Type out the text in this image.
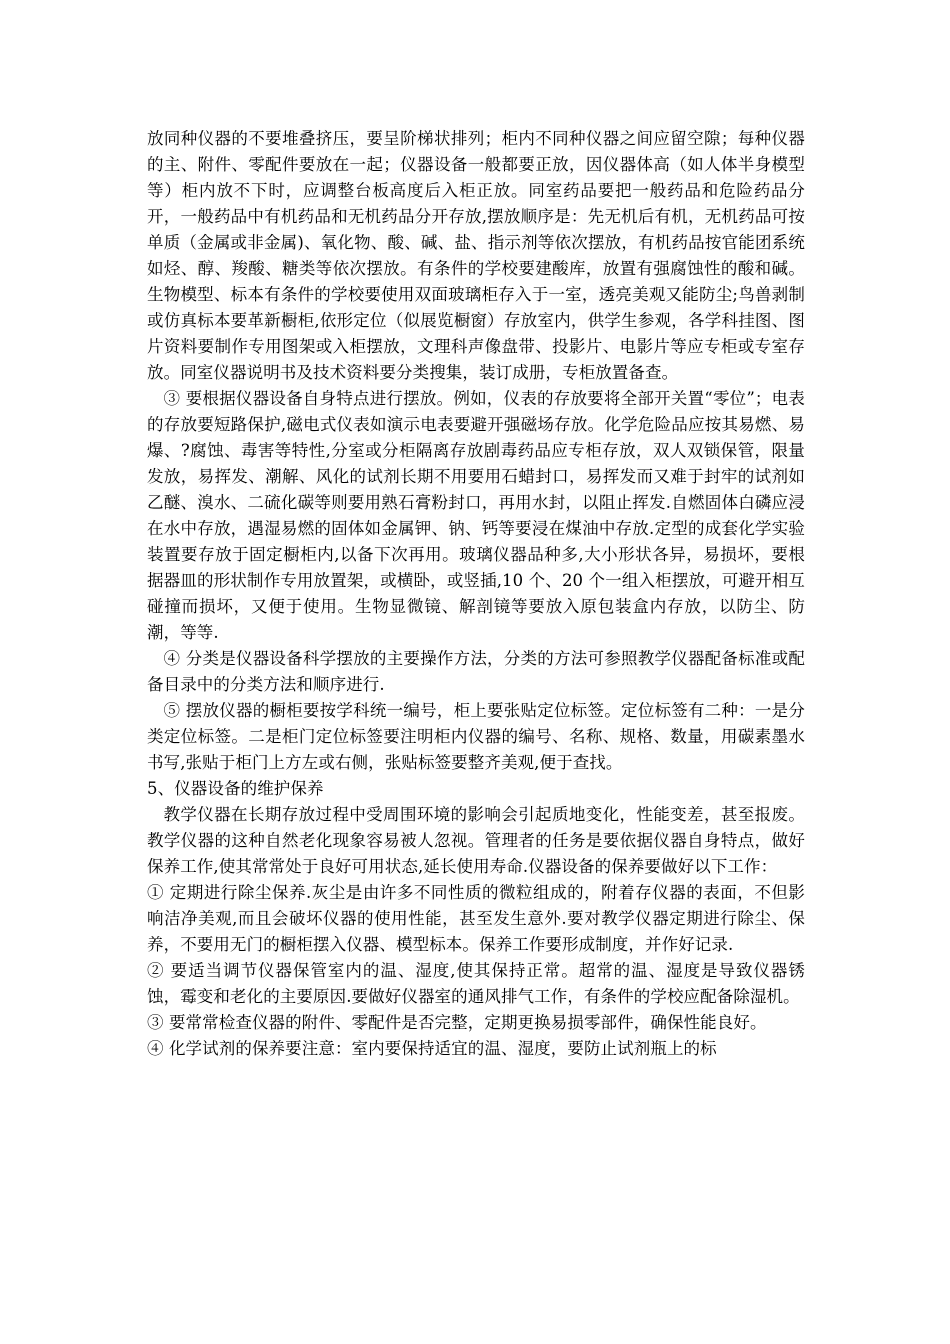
放同种仪器的不要堆叠挤压，要呈阶梯状排列；柜内不同种仪器之间应留空隙；每种仪器的主、附件、零配件要放在一起；仪器设备一般都要正放，因仪器体高（如人体半身模型等）柜内放不下时，应调整台板高度后入柜正放。同室药品要把一般药品和危险药品分开，一般药品中有机药品和无机药品分开存放,摆放顺序是：先无机后有机，无机药品可按单质（金属或非金属)、氧化物、酸、碱、盐、指示剂等依次摆放，有机药品按官能团系统如烃、醇、羧酸、糖类等依次摆放。有条件的学校要建酸库，放置有强腐蚀性的酸和碱。生物模型、标本有条件的学校要使用双面玻璃柜存入于一室，透亮美观又能防尘;鸟兽剥制或仿真标本要革新橱柜,依形定位（似展览橱窗）存放室内，供学生参观，各学科挂图、图片资料要制作专用图架或入柜摆放，文理科声像盘带、投影片、电影片等应专柜或专室存放。同室仪器说明书及技术资料要分类搜集，装订成册，专柜放置备查。

③ 要根据仪器设备自身特点进行摆放。例如，仪表的存放要将全部开关置“零位”；电表的存放要短路保护,磁电式仪表如演示电表要避开强磁场存放。化学危险品应按其易燃、易爆、?腐蚀、毒害等特性,分室或分柜隔离存放剧毒药品应专柜存放，双人双锁保管，限量发放，易挥发、潮解、风化的试剂长期不用要用石蜡封口，易挥发而又难于封牢的试剂如乙醚、溴水、二硫化碳等则要用熟石膏粉封口，再用水封，以阻止挥发.自燃固体白磷应浸在水中存放，遇湿易燃的固体如金属钾、钠、钙等要浸在煤油中存放.定型的成套化学实验装置要存放于固定橱柜内,以备下次再用。玻璃仪器品种多,大小形状各异，易损坏，要根据器皿的形状制作专用放置架，或横卧，或竖插,10 个、20 个一组入柜摆放，可避开相互碰撞而损坏，又便于使用。生物显微镜、解剖镜等要放入原包装盒内存放，以防尘、防潮，等等.

④ 分类是仪器设备科学摆放的主要操作方法，分类的方法可参照教学仪器配备标准或配备目录中的分类方法和顺序进行.

⑤ 摆放仪器的橱柜要按学科统一编号，柜上要张贴定位标签。定位标签有二种：一是分类定位标签。二是柜门定位标签要注明柜内仪器的编号、名称、规格、数量，用碳素墨水书写,张贴于柜门上方左或右侧，张贴标签要整齐美观,便于查找。

5、仪器设备的维护保养

教学仪器在长期存放过程中受周围环境的影响会引起质地变化，性能变差，甚至报废。教学仪器的这种自然老化现象容易被人忽视。管理者的任务是要依据仪器自身特点，做好保养工作,使其常常处于良好可用状态,延长使用寿命.仪器设备的保养要做好以下工作：

① 定期进行除尘保养.灰尘是由许多不同性质的微粒组成的，附着存仪器的表面，不但影响洁净美观,而且会破坏仪器的使用性能，甚至发生意外.要对教学仪器定期进行除尘、保养，不要用无门的橱柜摆入仪器、模型标本。保养工作要形成制度，并作好记录.

② 要适当调节仪器保管室内的温、湿度,使其保持正常。超常的温、湿度是导致仪器锈蚀，霉变和老化的主要原因.要做好仪器室的通风排气工作，有条件的学校应配备除湿机。

③ 要常常检查仪器的附件、零配件是否完整，定期更换易损零部件，确保性能良好。

④ 化学试剂的保养要注意：室内要保持适宜的温、湿度，要防止试剂瓶上的标
